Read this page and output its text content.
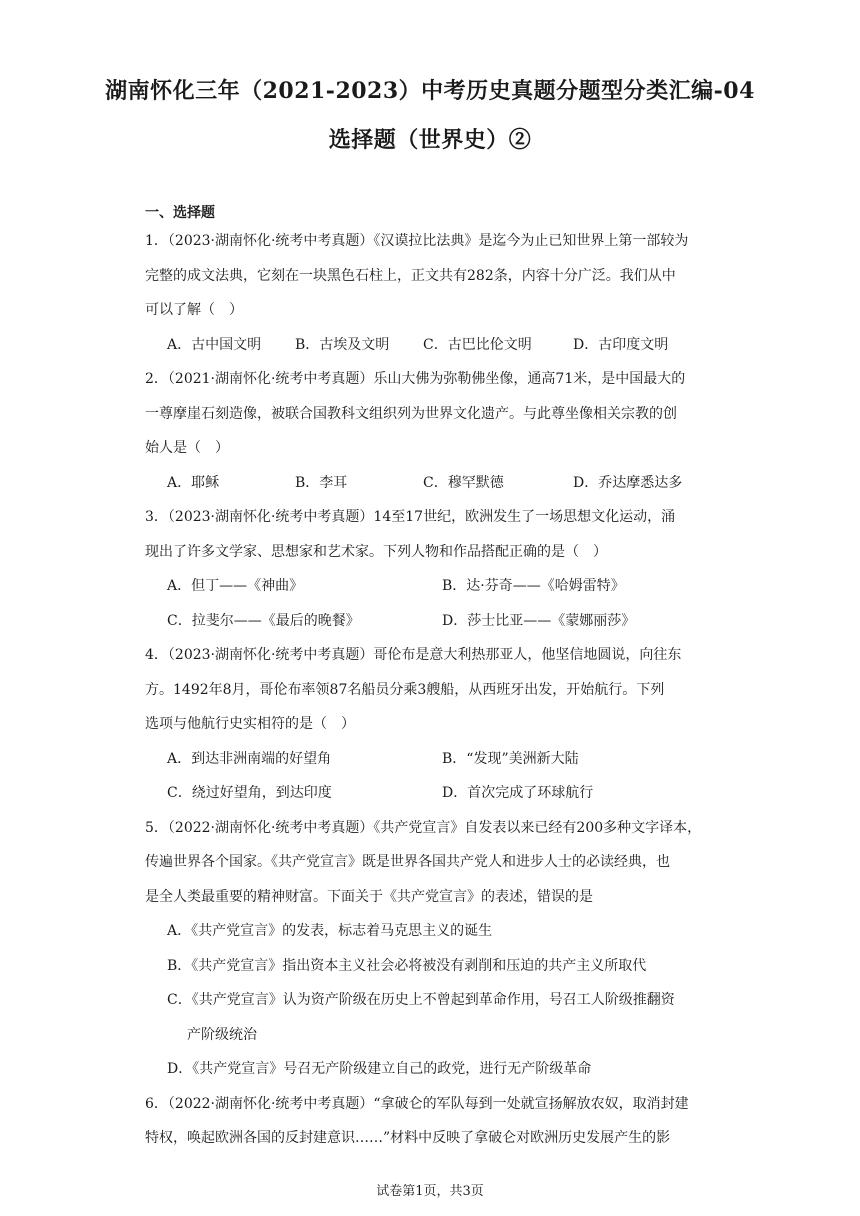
湖南怀化三年（2021-2023）中考历史真题分题型分类汇编-04
选择题（世界史）②
一、选择题
1．（2023·湖南怀化·统考中考真题）《汉谟拉比法典》是迄今为止已知世界上第一部较为
完整的成文法典，它刻在一块黑色石柱上，正文共有282条，内容十分广泛。我们从中
可以了解（　）
A．古中国文明	B．古埃及文明	C．古巴比伦文明	D．古印度文明
2．（2021·湖南怀化·统考中考真题）乐山大佛为弥勒佛坐像，通高71米，是中国最大的
一尊摩崖石刻造像，被联合国教科文组织列为世界文化遗产。与此尊坐像相关宗教的创
始人是（　）
A．耶稣	B．李耳	C．穆罕默德	D．乔达摩悉达多
3．（2023·湖南怀化·统考中考真题）14至17世纪，欧洲发生了一场思想文化运动，涌
现出了许多文学家、思想家和艺术家。下列人物和作品搭配正确的是（　）
A．但丁——《神曲》	B．达·芬奇——《哈姆雷特》
C．拉斐尔——《最后的晚餐》	D．莎士比亚——《蒙娜丽莎》
4．（2023·湖南怀化·统考中考真题）哥伦布是意大利热那亚人，他坚信地圆说，向往东
方。1492年8月，哥伦布率领87名船员分乘3艘船，从西班牙出发，开始航行。下列
选项与他航行史实相符的是（　）
A．到达非洲南端的好望角	B．“发现”美洲新大陆
C．绕过好望角，到达印度	D．首次完成了环球航行
5．（2022·湖南怀化·统考中考真题）《共产党宣言》自发表以来已经有200多种文字译本，
传遍世界各个国家。《共产党宣言》既是世界各国共产党人和进步人士的必读经典，也
是全人类最重要的精神财富。下面关于《共产党宣言》的表述，错误的是
A．《共产党宣言》的发表，标志着马克思主义的诞生
B．《共产党宣言》指出资本主义社会必将被没有剥削和压迫的共产主义所取代
C．《共产党宣言》认为资产阶级在历史上不曾起到革命作用，号召工人阶级推翻资
产阶级统治
D．《共产党宣言》号召无产阶级建立自己的政党，进行无产阶级革命
6．（2022·湖南怀化·统考中考真题）“拿破仑的军队每到一处就宣扬解放农奴，取消封建
特权，唤起欧洲各国的反封建意识……”材料中反映了拿破仑对欧洲历史发展产生的影
试卷第1页，共3页
